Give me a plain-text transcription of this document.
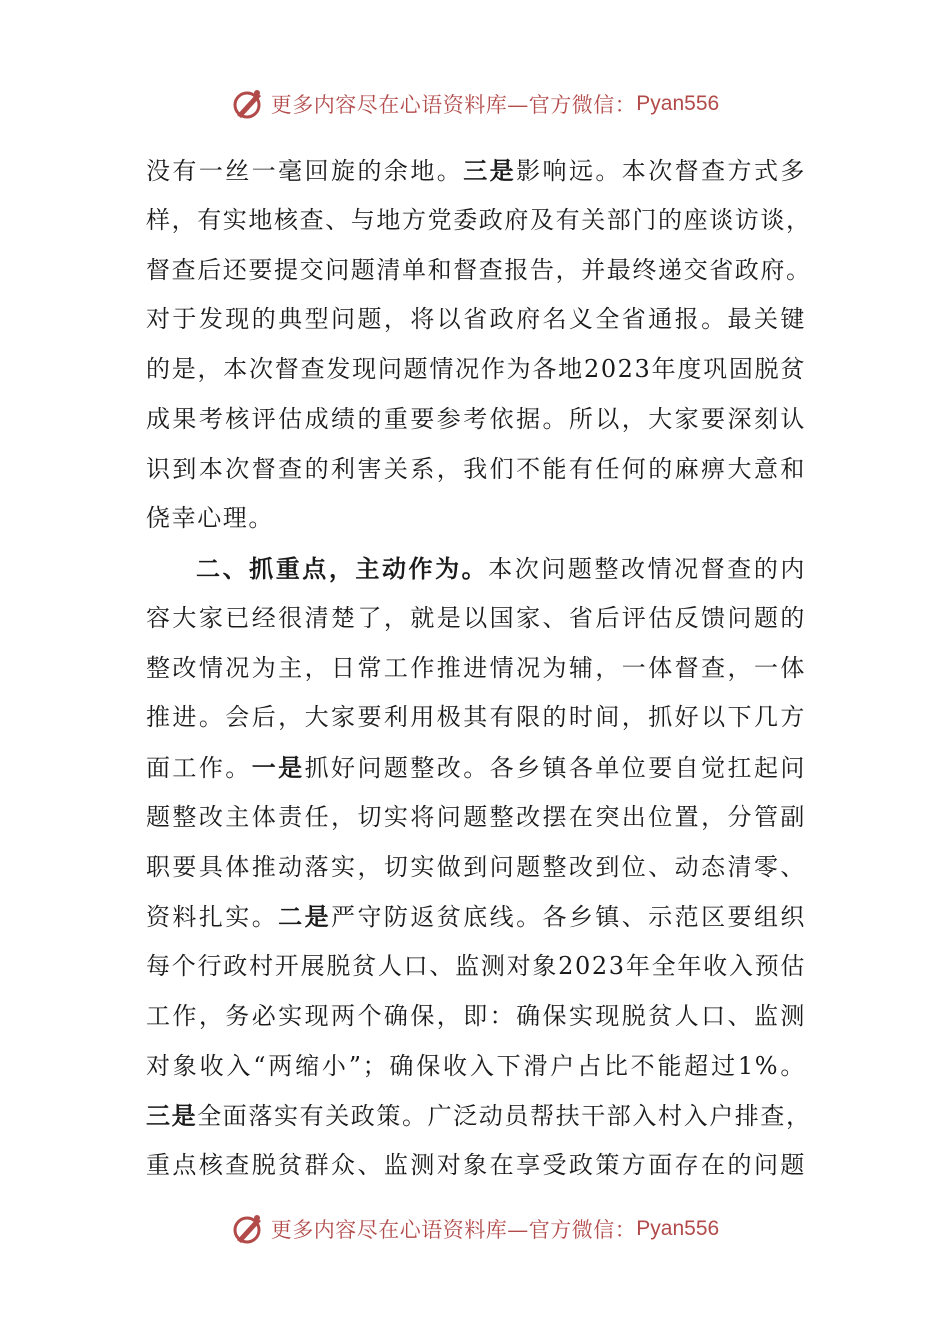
更多内容尽在心语资料库—官方微信： Pyan556
没有一丝一毫回旋的余地。三是影响远。本次督查方式多
样，有实地核查、与地方党委政府及有关部门的座谈访谈，
督查后还要提交问题清单和督查报告，并最终递交省政府。
对于发现的典型问题，将以省政府名义全省通报。最关键
的是，本次督查发现问题情况作为各地2023年度巩固脱贫
成果考核评估成绩的重要参考依据。所以，大家要深刻认
识到本次督查的利害关系，我们不能有任何的麻痹大意和
侥幸心理。
二、抓重点，主动作为。本次问题整改情况督查的内
容大家已经很清楚了，就是以国家、省后评估反馈问题的
整改情况为主，日常工作推进情况为辅，一体督查，一体
推进。会后，大家要利用极其有限的时间，抓好以下几方
面工作。一是抓好问题整改。各乡镇各单位要自觉扛起问
题整改主体责任，切实将问题整改摆在突出位置，分管副
职要具体推动落实，切实做到问题整改到位、动态清零、
资料扎实。二是严守防返贫底线。各乡镇、示范区要组织
每个行政村开展脱贫人口、监测对象2023年全年收入预估
工作，务必实现两个确保，即：确保实现脱贫人口、监测
对象收入“两缩小”；确保收入下滑户占比不能超过1%。
三是全面落实有关政策。广泛动员帮扶干部入村入户排查，
重点核查脱贫群众、监测对象在享受政策方面存在的问题
更多内容尽在心语资料库—官方微信： Pyan556
